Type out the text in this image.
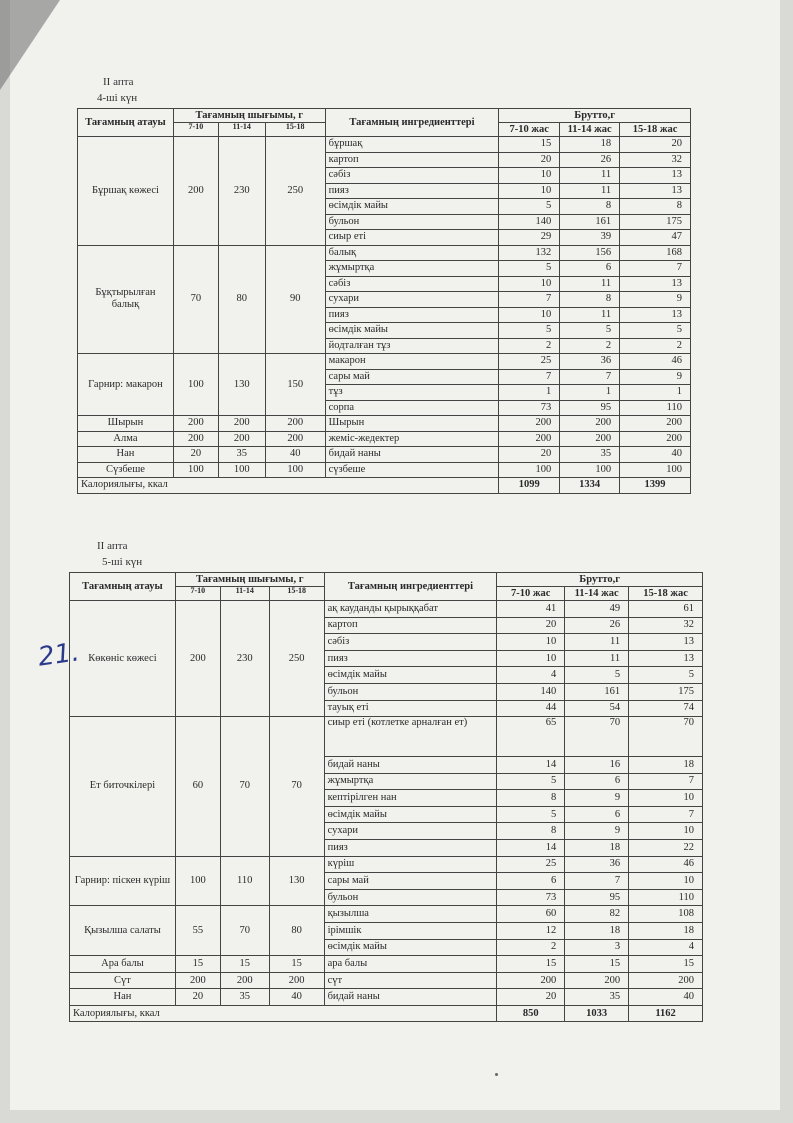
II апта
4-ші күн
Тағамның атауы	Тағамның шығымы, г			Тағамның ингредиенттері	Брутто,г		
	7-10	11-14	15-18		7-10 жас	11-14 жас	15-18 жас
Бұршақ көжесі	200	230	250	бұршақ	15	18	20
				картоп	20	26	32
				сәбіз	10	11	13
				пияз	10	11	13
				өсімдік майы	5	8	8
				бульон	140	161	175
				сиыр еті	29	39	47
Бұқтырылған балық	70	80	90	балық	132	156	168
				жұмыртқа	5	6	7
				сәбіз	10	11	13
				сухари	7	8	9
				пияз	10	11	13
				өсімдік майы	5	5	5
				йодталған тұз	2	2	2
Гарнир: макарон	100	130	150	макарон	25	36	46
				сары май	7	7	9
				тұз	1	1	1
				сорпа	73	95	110
Шырын	200	200	200	Шырын	200	200	200
Алма	200	200	200	жеміс-жедектер	200	200	200
Нан	20	35	40	бидай наны	20	35	40
Сүзбеше	100	100	100	сүзбеше	100	100	100
Калориялығы, ккал					1099	1334	1399
II апта
5-ші күн
Тағамның атауы	Тағамның шығымы, г			Тағамның ингредиенттері	Брутто,г		
	7-10	11-14	15-18		7-10 жас	11-14 жас	15-18 жас
Көкөніс көжесі	200	230	250	ақ кауданды қырыққабат	41	49	61
				картоп	20	26	32
				сәбіз	10	11	13
				пияз	10	11	13
				өсімдік майы	4	5	5
				бульон	140	161	175
				тауық еті	44	54	74
Ет биточкілері	60	70	70	сиыр еті (котлетке арналған ет)	65	70	70
				бидай наны	14	16	18
				жұмыртқа	5	6	7
				кептірілген нан	8	9	10
				өсімдік майы	5	6	7
				сухари	8	9	10
				пияз	14	18	22
Гарнир: піскен күріш	100	110	130	күріш	25	36	46
				сары май	6	7	10
				бульон	73	95	110
Қызылша салаты	55	70	80	қызылша	60	82	108
				ірімшік	12	18	18
				өсімдік майы	2	3	4
Ара балы	15	15	15	ара балы	15	15	15
Сүт	200	200	200	сүт	200	200	200
Нан	20	35	40	бидай наны	20	35	40
Калориялығы, ккал					850	1033	1162
21.
